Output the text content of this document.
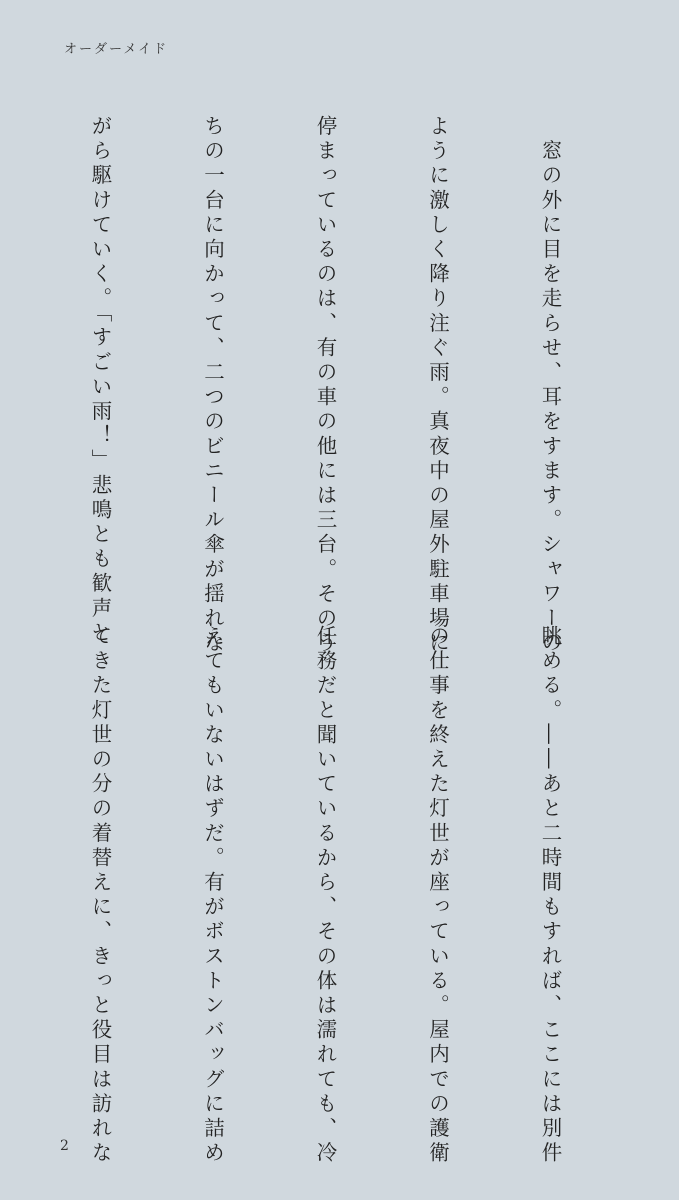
オーダーメイド

　窓の外に目を走らせ、耳をすます。シャワーの

ように激しく降り注ぐ雨。真夜中の屋外駐車場に

停まっているのは、有の車の他には三台。そのう

ちの一台に向かって、二つのビニール傘が揺れな

がら駆けていく。「すごい雨！」悲鳴とも歓声と

眺める。――あと二時間もすれば、ここには別件

の仕事を終えた灯世が座っている。屋内での護衛

任務だと聞いているから、その体は濡れても、冷

えてもいないはずだ。有がボストンバッグに詰め

てきた灯世の分の着替えに、きっと役目は訪れな

2
